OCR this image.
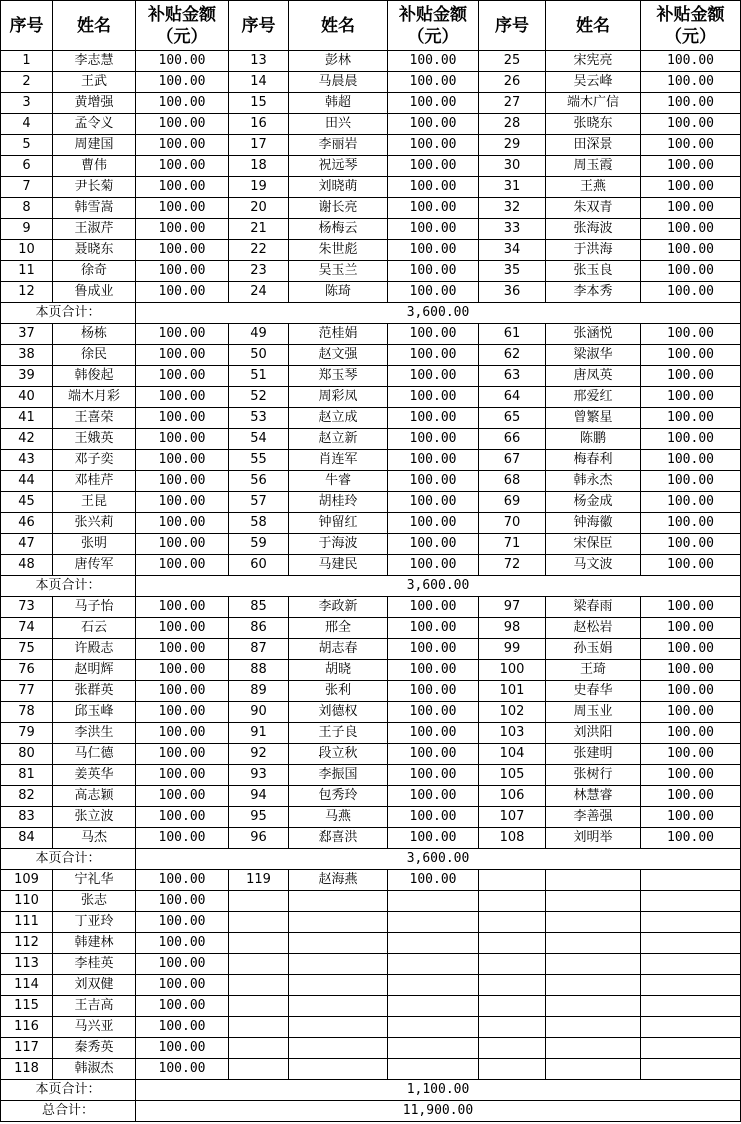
序号	姓名	补贴金额（元）	序号	姓名	补贴金额（元）	序号	姓名	补贴金额（元）
1	李志慧	100.00	13	彭林	100.00	25	宋宪亮	100.00
2	王武	100.00	14	马晨晨	100.00	26	吴云峰	100.00
3	黄增强	100.00	15	韩超	100.00	27	端木广信	100.00
4	孟令义	100.00	16	田兴	100.00	28	张晓东	100.00
5	周建国	100.00	17	李丽岩	100.00	29	田深景	100.00
6	曹伟	100.00	18	祝远琴	100.00	30	周玉霞	100.00
7	尹长菊	100.00	19	刘晓萌	100.00	31	王燕	100.00
8	韩雪嵩	100.00	20	谢长亮	100.00	32	朱双青	100.00
9	王淑芹	100.00	21	杨梅云	100.00	33	张海波	100.00
10	聂晓东	100.00	22	朱世彪	100.00	34	于洪海	100.00
11	徐奇	100.00	23	吴玉兰	100.00	35	张玉良	100.00
12	鲁成业	100.00	24	陈琦	100.00	36	李本秀	100.00
本页合计：		3,600.00						
37	杨栋	100.00	49	范桂娟	100.00	61	张涵悦	100.00
38	徐民	100.00	50	赵文强	100.00	62	梁淑华	100.00
39	韩俊起	100.00	51	郑玉琴	100.00	63	唐凤英	100.00
40	端木月彩	100.00	52	周彩凤	100.00	64	邢爱红	100.00
41	王喜荣	100.00	53	赵立成	100.00	65	曾繁星	100.00
42	王娥英	100.00	54	赵立新	100.00	66	陈鹏	100.00
43	邓子奕	100.00	55	肖连军	100.00	67	梅春利	100.00
44	邓桂芹	100.00	56	牛睿	100.00	68	韩永杰	100.00
45	王昆	100.00	57	胡桂玲	100.00	69	杨金成	100.00
46	张兴莉	100.00	58	钟留红	100.00	70	钟海徽	100.00
47	张明	100.00	59	于海波	100.00	71	宋保臣	100.00
48	唐传军	100.00	60	马建民	100.00	72	马文波	100.00
本页合计：		3,600.00						
73	马子怡	100.00	85	李政新	100.00	97	梁春雨	100.00
74	石云	100.00	86	邢全	100.00	98	赵松岩	100.00
75	许殿志	100.00	87	胡志春	100.00	99	孙玉娟	100.00
76	赵明辉	100.00	88	胡晓	100.00	100	王琦	100.00
77	张群英	100.00	89	张利	100.00	101	史春华	100.00
78	邱玉峰	100.00	90	刘德权	100.00	102	周玉业	100.00
79	李洪生	100.00	91	王子良	100.00	103	刘洪阳	100.00
80	马仁德	100.00	92	段立秋	100.00	104	张建明	100.00
81	姜英华	100.00	93	李振国	100.00	105	张树行	100.00
82	高志颖	100.00	94	包秀玲	100.00	106	林慧睿	100.00
83	张立波	100.00	95	马燕	100.00	107	李善强	100.00
84	马杰	100.00	96	郄喜洪	100.00	108	刘明举	100.00
本页合计：		3,600.00						
109	宁礼华	100.00	119	赵海燕	100.00			
110	张志	100.00						
111	丁亚玲	100.00						
112	韩建林	100.00						
113	李桂英	100.00						
114	刘双健	100.00						
115	王吉高	100.00						
116	马兴亚	100.00						
117	秦秀英	100.00						
118	韩淑杰	100.00						
本页合计：		1,100.00						
总合计：		11,900.00						
